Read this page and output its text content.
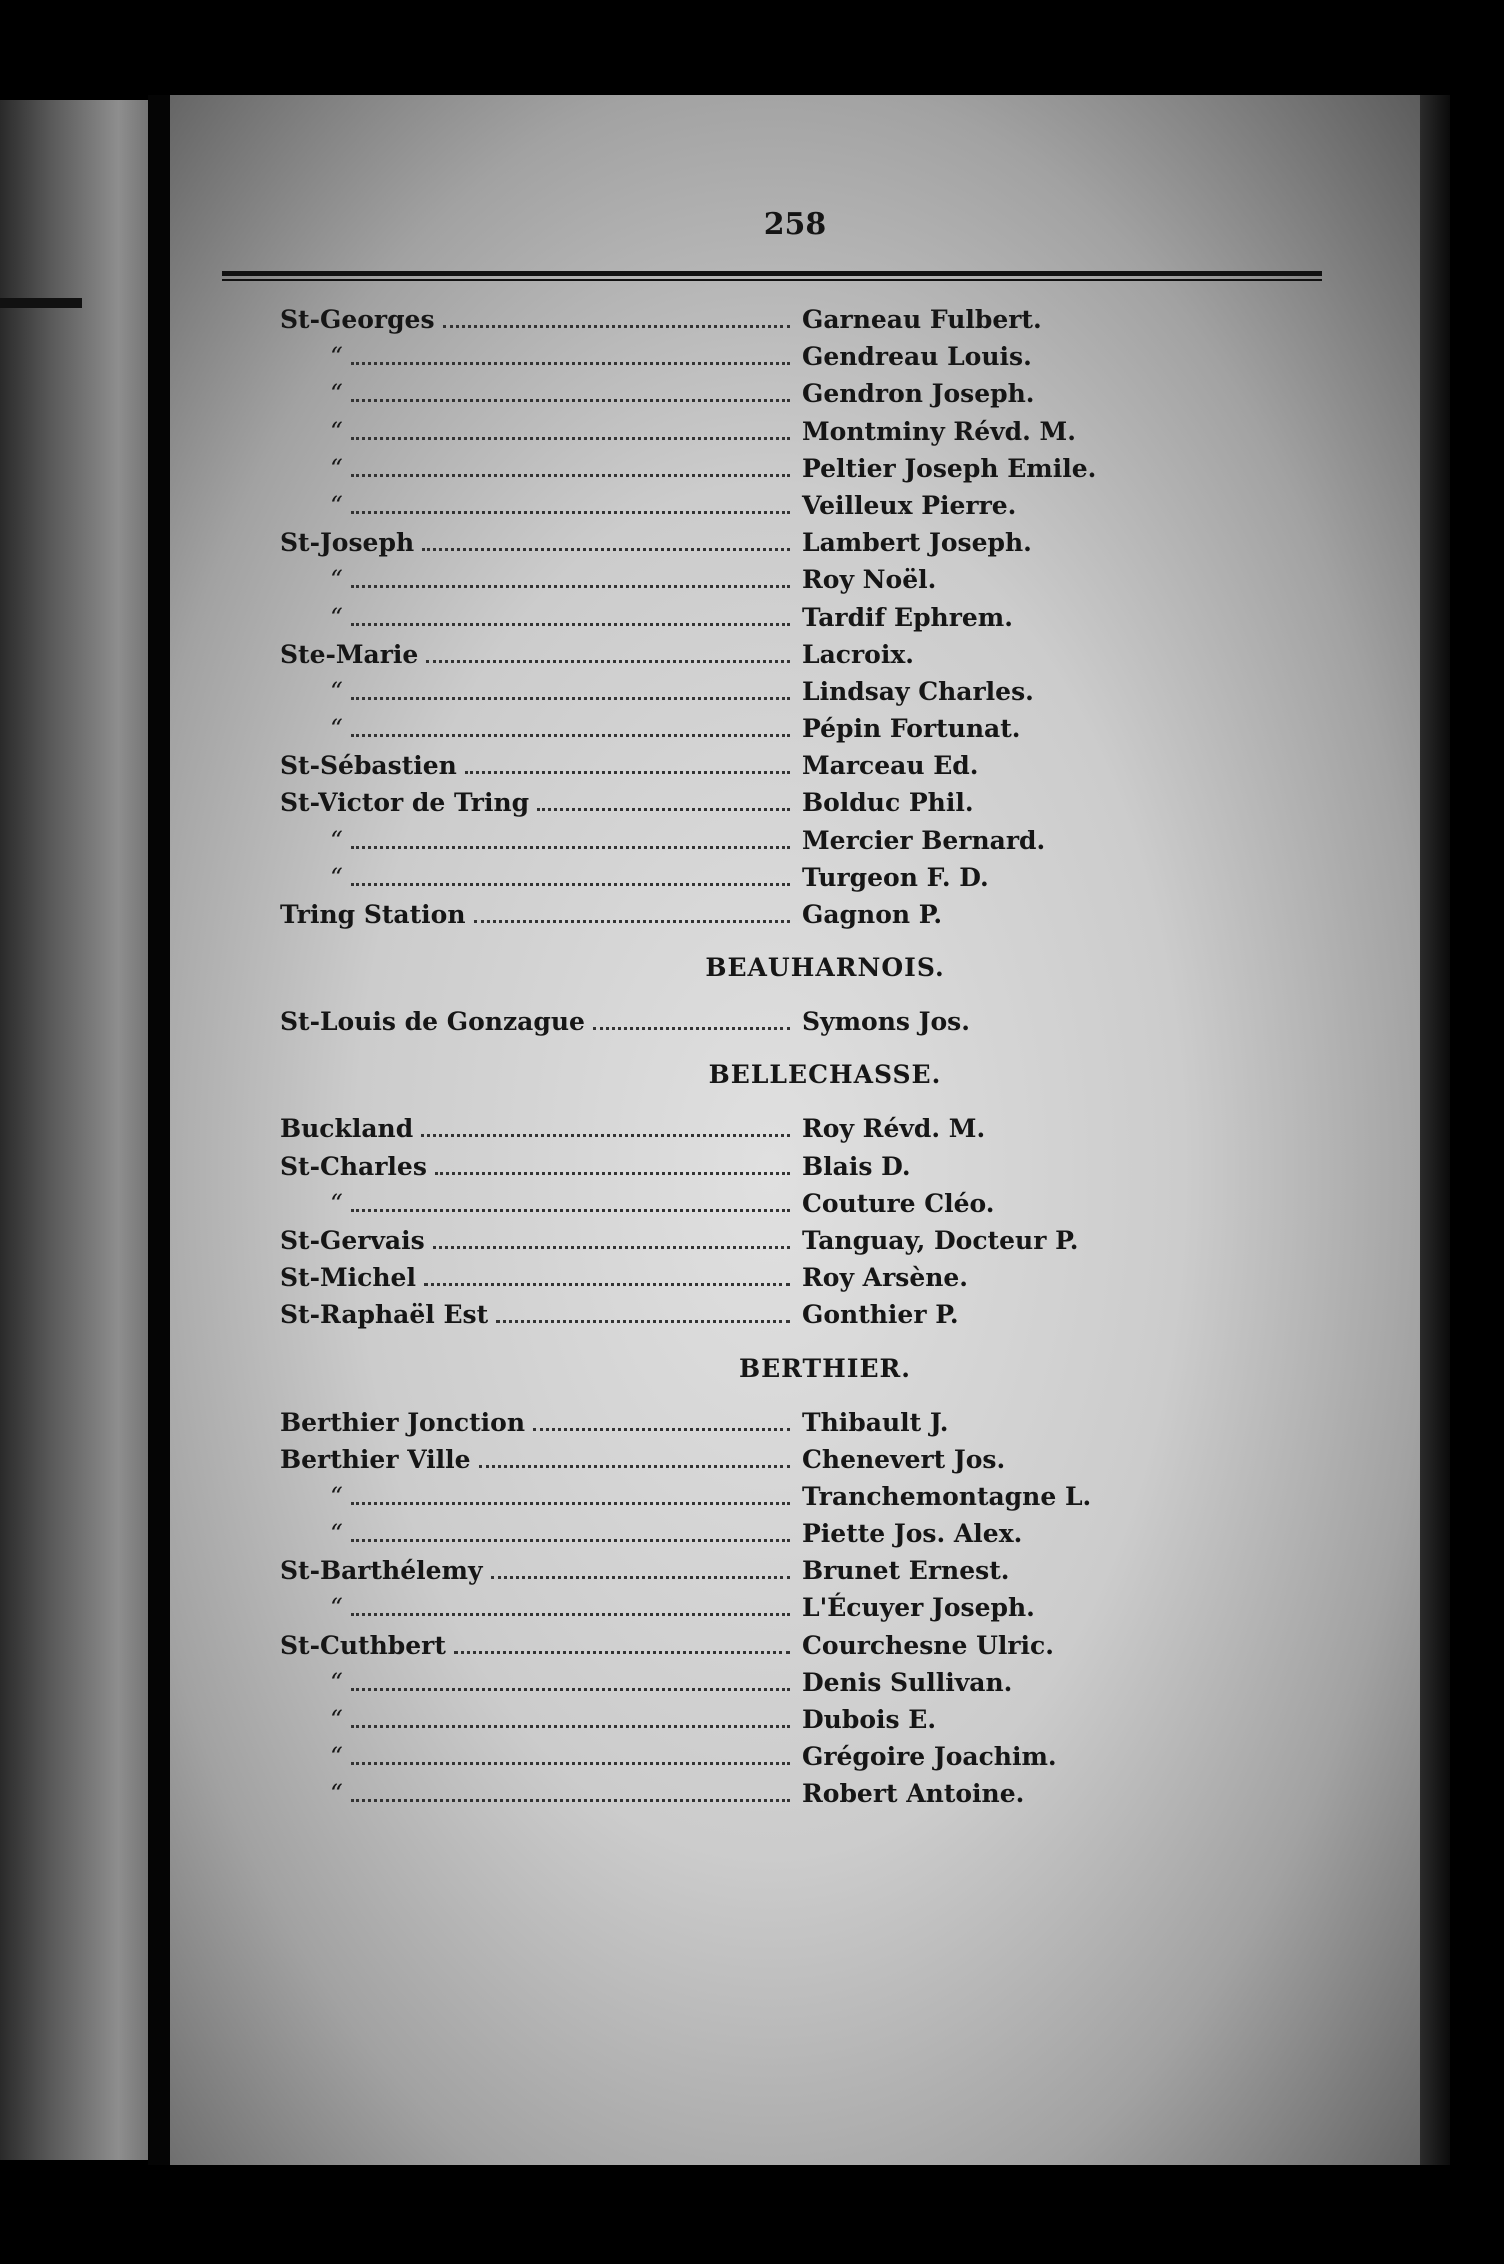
258
St-Georges	Garneau Fulbert.
“	Gendreau Louis.
“	Gendron Joseph.
“	Montminy Révd. M.
“	Peltier Joseph Emile.
“	Veilleux Pierre.
St-Joseph	Lambert Joseph.
“	Roy Noël.
“	Tardif Ephrem.
Ste-Marie	Lacroix.
“	Lindsay Charles.
“	Pépin Fortunat.
St-Sébastien	Marceau Ed.
St-Victor de Tring	Bolduc Phil.
“	Mercier Bernard.
“	Turgeon F. D.
Tring Station	Gagnon P.
BEAUHARNOIS.
St-Louis de Gonzague	Symons Jos.
BELLECHASSE.
Buckland	Roy Révd. M.
St-Charles	Blais D.
“	Couture Cléo.
St-Gervais	Tanguay, Docteur P.
St-Michel	Roy Arsène.
St-Raphaël Est	Gonthier P.
BERTHIER.
Berthier Jonction	Thibault J.
Berthier Ville	Chenevert Jos.
“	Tranchemontagne L.
“	Piette Jos. Alex.
St-Barthélemy	Brunet Ernest.
“	L'Écuyer Joseph.
St-Cuthbert	Courchesne Ulric.
“	Denis Sullivan.
“	Dubois E.
“	Grégoire Joachim.
“	Robert Antoine.
